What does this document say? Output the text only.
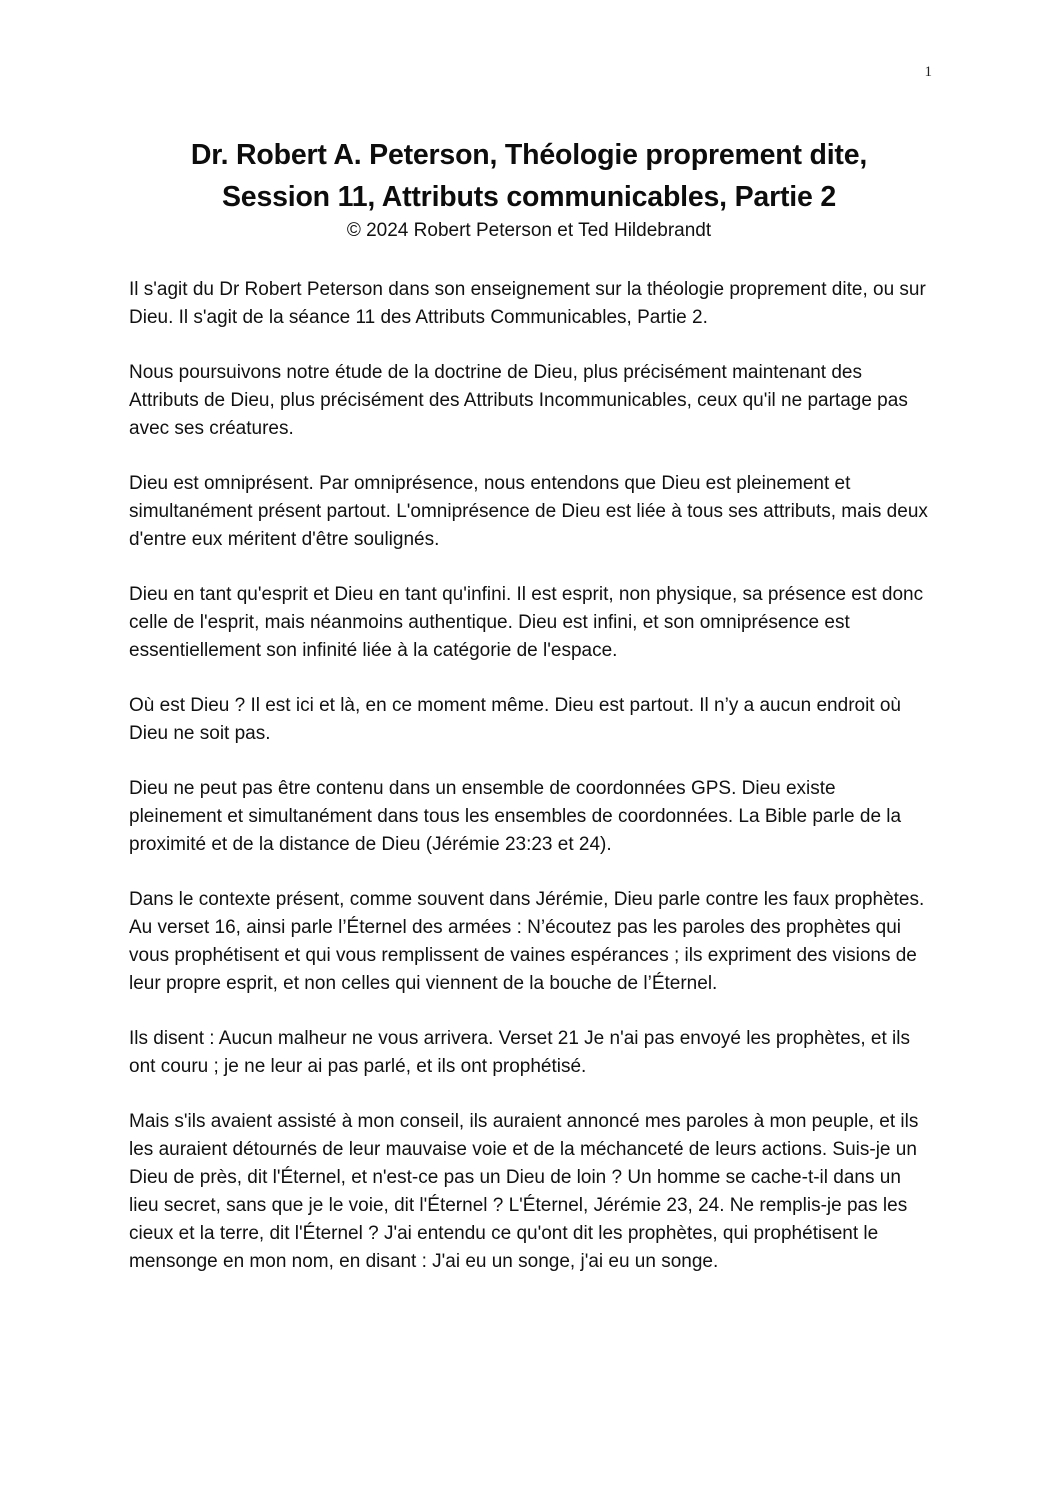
1
Dr. Robert A. Peterson, Théologie proprement dite,
Session 11, Attributs communicables, Partie 2

© 2024 Robert Peterson et Ted Hildebrandt

Il s'agit du Dr Robert Peterson dans son enseignement sur la théologie proprement dite, ou sur Dieu. Il s'agit de la séance 11 des Attributs Communicables, Partie 2.

Nous poursuivons notre étude de la doctrine de Dieu, plus précisément maintenant des Attributs de Dieu, plus précisément des Attributs Incommunicables, ceux qu'il ne partage pas avec ses créatures.

Dieu est omniprésent. Par omniprésence, nous entendons que Dieu est pleinement et simultanément présent partout. L'omniprésence de Dieu est liée à tous ses attributs, mais deux d'entre eux méritent d'être soulignés.

Dieu en tant qu'esprit et Dieu en tant qu'infini. Il est esprit, non physique, sa présence est donc celle de l'esprit, mais néanmoins authentique. Dieu est infini, et son omniprésence est essentiellement son infinité liée à la catégorie de l'espace.

Où est Dieu ? Il est ici et là, en ce moment même. Dieu est partout. Il n’y a aucun endroit où Dieu ne soit pas.

Dieu ne peut pas être contenu dans un ensemble de coordonnées GPS. Dieu existe pleinement et simultanément dans tous les ensembles de coordonnées. La Bible parle de la proximité et de la distance de Dieu (Jérémie 23:23 et 24).

Dans le contexte présent, comme souvent dans Jérémie, Dieu parle contre les faux prophètes. Au verset 16, ainsi parle l’Éternel des armées : N’écoutez pas les paroles des prophètes qui vous prophétisent et qui vous remplissent de vaines espérances ; ils expriment des visions de leur propre esprit, et non celles qui viennent de la bouche de l’Éternel.

Ils disent : Aucun malheur ne vous arrivera. Verset 21 Je n'ai pas envoyé les prophètes, et ils ont couru ; je ne leur ai pas parlé, et ils ont prophétisé.

Mais s'ils avaient assisté à mon conseil, ils auraient annoncé mes paroles à mon peuple, et ils les auraient détournés de leur mauvaise voie et de la méchanceté de leurs actions. Suis-je un Dieu de près, dit l'Éternel, et n'est-ce pas un Dieu de loin ? Un homme se cache-t-il dans un lieu secret, sans que je le voie, dit l'Éternel ? L'Éternel, Jérémie 23, 24. Ne remplis-je pas les cieux et la terre, dit l'Éternel ? J'ai entendu ce qu'ont dit les prophètes, qui prophétisent le mensonge en mon nom, en disant : J'ai eu un songe, j'ai eu un songe.
